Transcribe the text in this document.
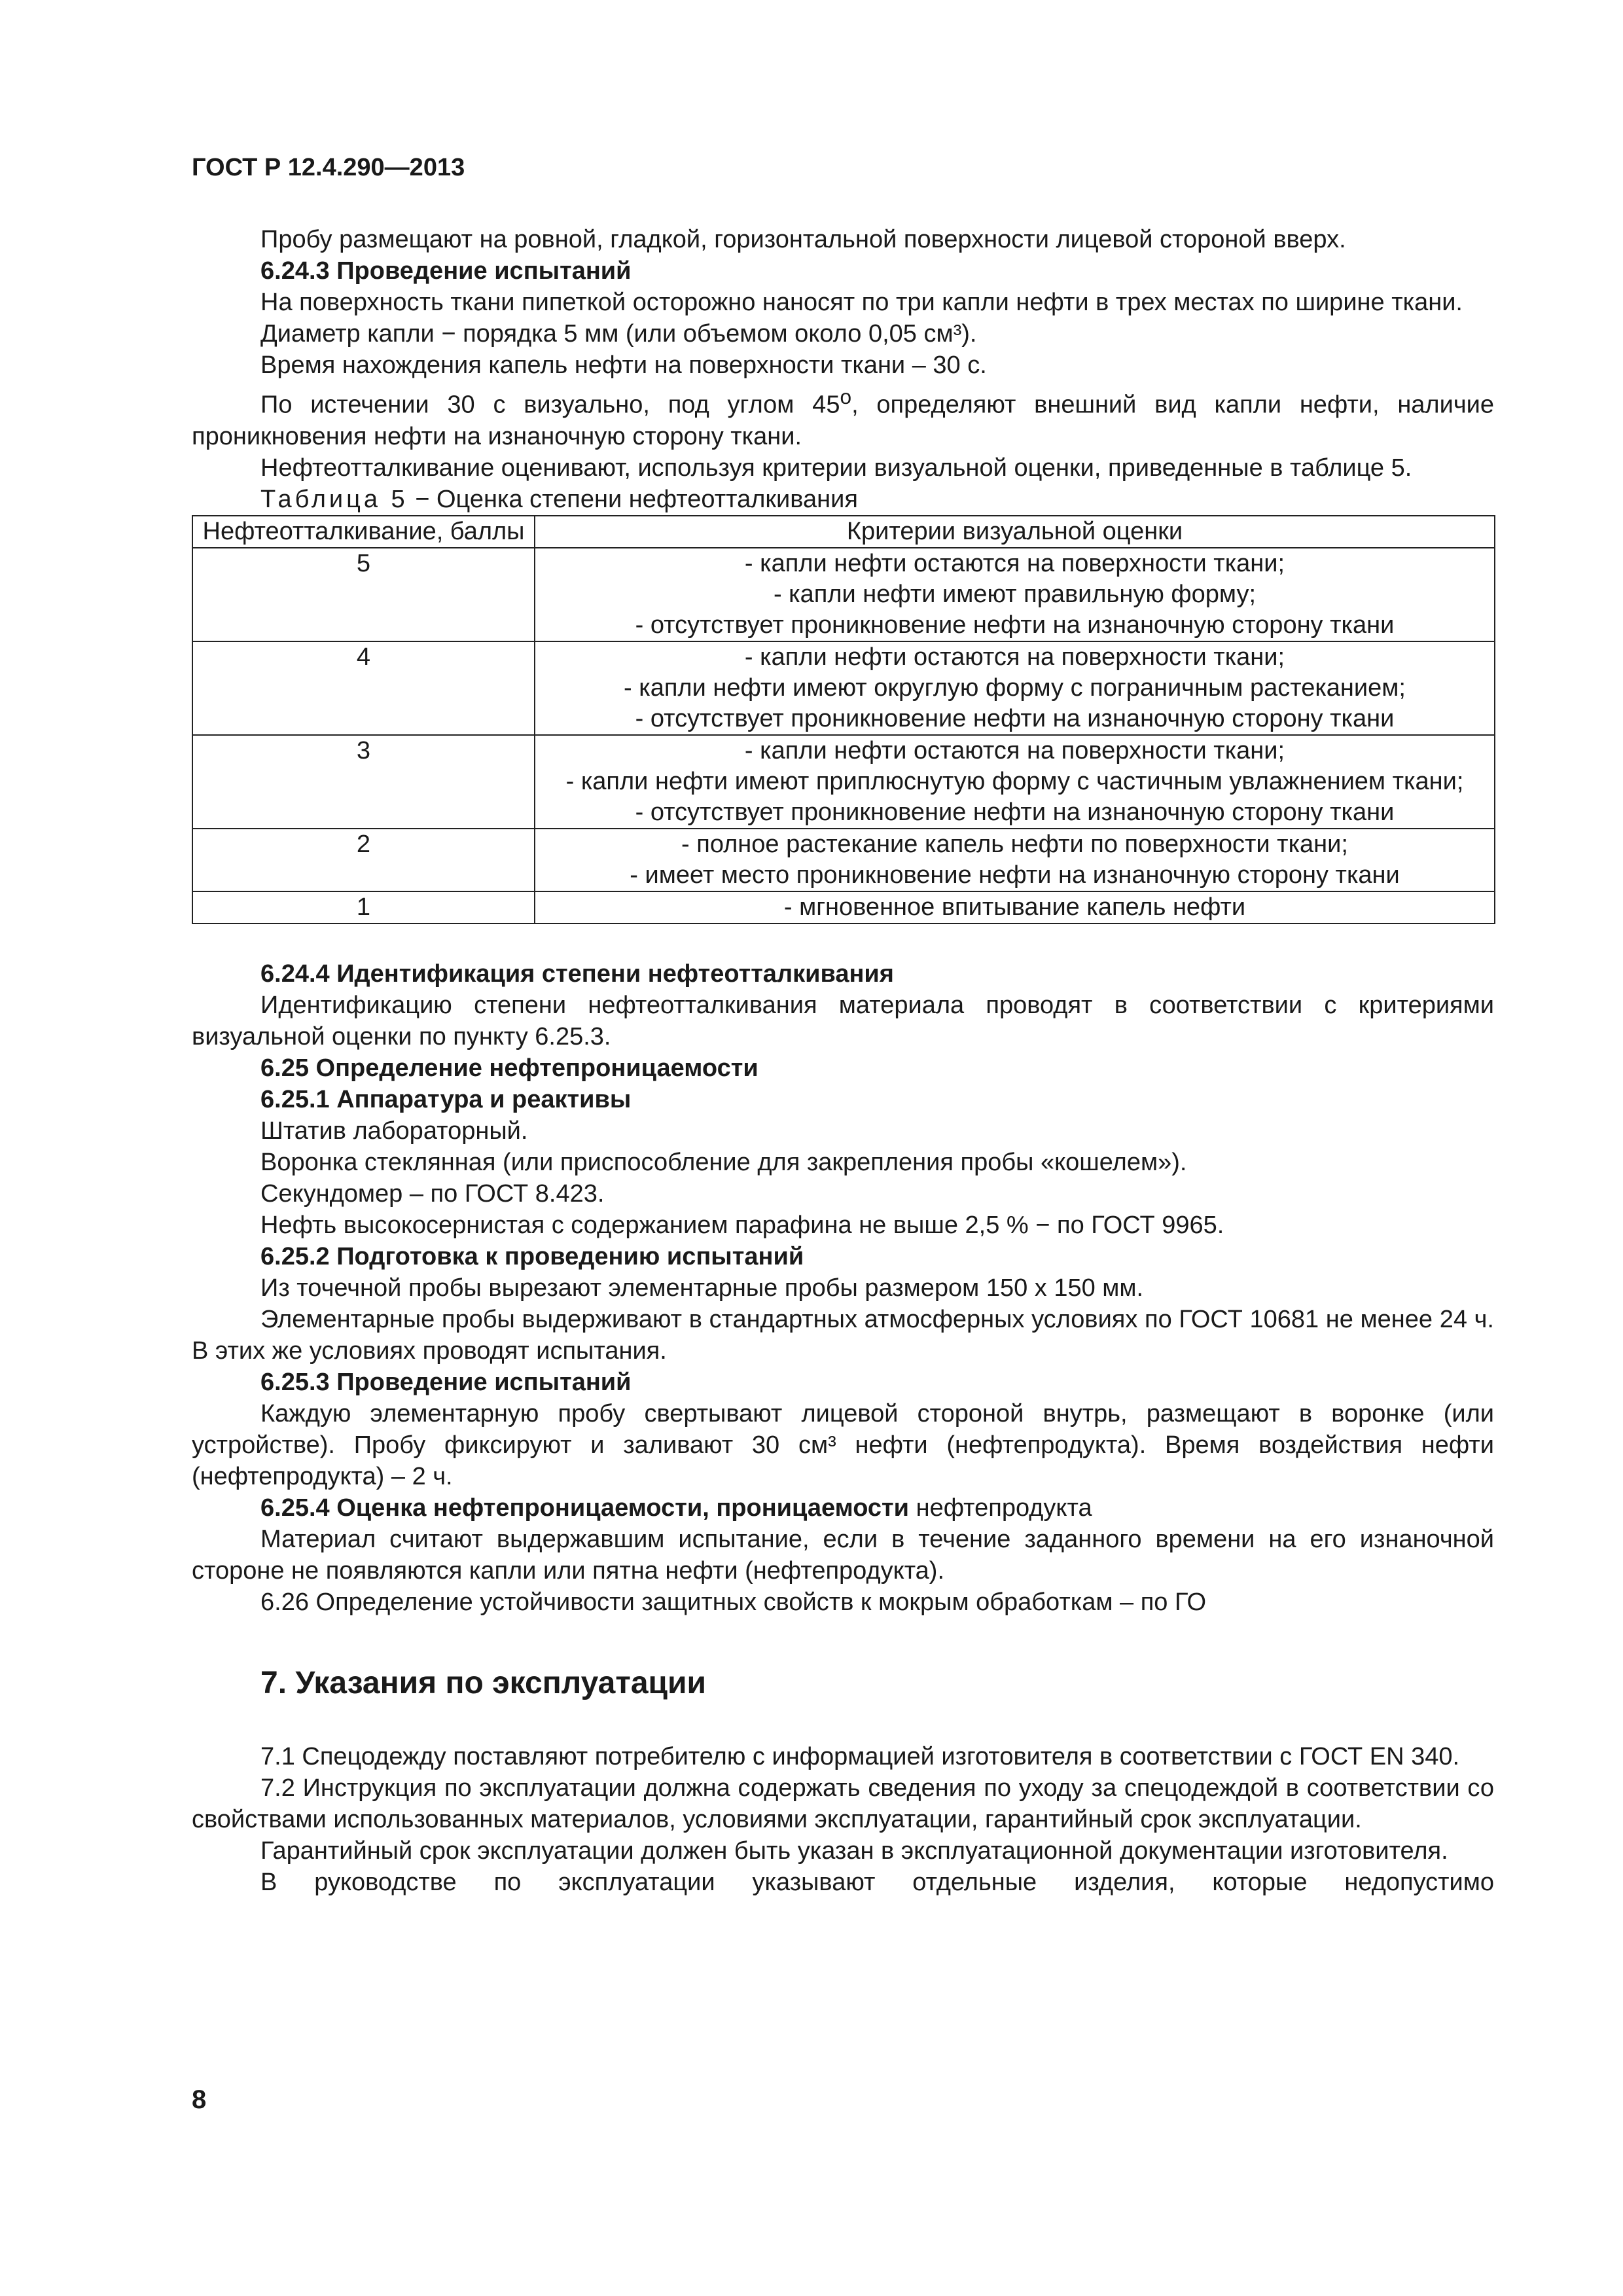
ГОСТ Р 12.4.290—2013

Пробу размещают на ровной, гладкой, горизонтальной поверхности лицевой стороной вверх.

6.24.3 Проведение испытаний

На поверхность ткани пипеткой осторожно наносят по три капли нефти в трех местах по ширине ткани.

Диаметр капли − порядка 5 мм (или объемом около 0,05 см³).

Время нахождения капель нефти на поверхности ткани – 30 с.

По истечении 30 с визуально, под углом $45^о$, определяют внешний вид капли нефти, наличие проникновения нефти на изнаночную сторону ткани.

Нефтеотталкивание оценивают, используя критерии визуальной оценки, приведенные в таблице 5.

Таблица 5 − Оценка степени нефтеотталкивания

Нефтеотталкивание, баллы	Критерии визуальной оценки
5	- капли нефти остаются на поверхности ткани;
- капли нефти имеют правильную форму;
- отсутствует проникновение нефти на изнаночную сторону ткани

4	- капли нефти остаются на поверхности ткани;
- капли нефти имеют округлую форму с пограничным растеканием;
- отсутствует проникновение нефти на изнаночную сторону ткани

3	- капли нефти остаются на поверхности ткани;
- капли нефти имеют приплюснутую форму с частичным увлажнением ткани;
- отсутствует проникновение нефти на изнаночную сторону ткани

2	- полное растекание капель нефти по поверхности ткани;
- имеет место проникновение нефти на изнаночную сторону ткани

1	- мгновенное впитывание капель нефти

6.24.4 Идентификация степени нефтеотталкивания

Идентификацию степени нефтеотталкивания материала проводят в соответствии с критериями визуальной оценки по пункту 6.25.3.

6.25 Определение нефтепроницаемости

6.25.1 Аппаратура и реактивы

Штатив лабораторный.

Воронка стеклянная (или приспособление для закрепления пробы «кошелем»).

Секундомер – по ГОСТ 8.423.

Нефть высокосернистая с содержанием парафина не выше 2,5 % − по ГОСТ 9965.

6.25.2 Подготовка к проведению испытаний

Из точечной пробы вырезают элементарные пробы размером 150 х 150 мм.

Элементарные пробы выдерживают в стандартных атмосферных условиях по ГОСТ 10681 не менее 24 ч. В этих же условиях проводят испытания.

6.25.3 Проведение испытаний

Каждую элементарную пробу свертывают лицевой стороной внутрь, размещают в воронке (или устройстве). Пробу фиксируют и заливают 30 см³ нефти (нефтепродукта). Время воздействия нефти (нефтепродукта) – 2 ч.

6.25.4 Оценка нефтепроницаемости, проницаемости нефтепродукта

Материал считают выдержавшим испытание, если в течение заданного времени на его изнаночной стороне не появляются капли или пятна нефти (нефтепродукта).

6.26 Определение устойчивости защитных свойств к мокрым обработкам – по ГО

7. Указания по эксплуатации

7.1 Спецодежду поставляют потребителю с информацией изготовителя в соответствии с ГОСТ EN 340.

7.2 Инструкция по эксплуатации должна содержать сведения по уходу за спецодеждой в соответствии со свойствами использованных материалов, условиями эксплуатации, гарантийный срок эксплуатации.

Гарантийный срок эксплуатации должен быть указан в эксплуатационной документации изготовителя.

В руководстве по эксплуатации указывают отдельные изделия, которые недопустимо

8
